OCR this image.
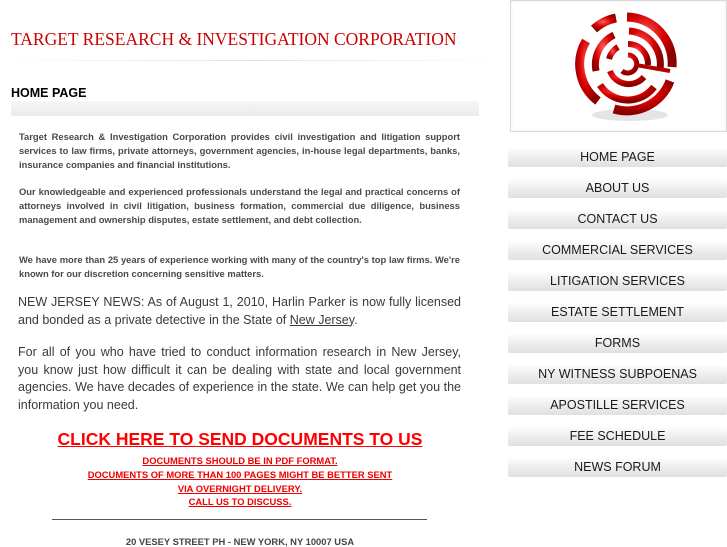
TARGET RESEARCH & INVESTIGATION CORPORATION
HOME PAGE

Target Research & Investigation Corporation provides civil investigation and litigation support services to law firms, private attorneys, government agencies, in-house legal departments, banks, insurance companies and financial institutions.

Our knowledgeable and experienced professionals understand the legal and practical concerns of attorneys involved in civil litigation, business formation, commercial due diligence, business management and ownership disputes, estate settlement, and debt collection.

We have more than 25 years of experience working with many of the country's top law firms. We're known for our discretion concerning sensitive matters.

NEW JERSEY NEWS: As of August 1, 2010, Harlin Parker is now fully licensed and bonded as a private detective in the State of New Jersey.

For all of you who have tried to conduct information research in New Jersey, you know just how difficult it can be dealing with state and local government agencies. We have decades of experience in the state. We can help get you the information you need.

CLICK HERE TO SEND DOCUMENTS TO US
DOCUMENTS SHOULD BE IN PDF FORMAT.
DOCUMENTS OF MORE THAN 100 PAGES MIGHT BE BETTER SENT
VIA OVERNIGHT DELIVERY.
CALL US TO DISCUSS.
20 VESEY STREET PH - NEW YORK, NY 10007 USA
HOME PAGE
ABOUT US
CONTACT US
COMMERCIAL SERVICES
LITIGATION SERVICES
ESTATE SETTLEMENT
FORMS
NY WITNESS SUBPOENAS
APOSTILLE SERVICES
FEE SCHEDULE
NEWS FORUM
